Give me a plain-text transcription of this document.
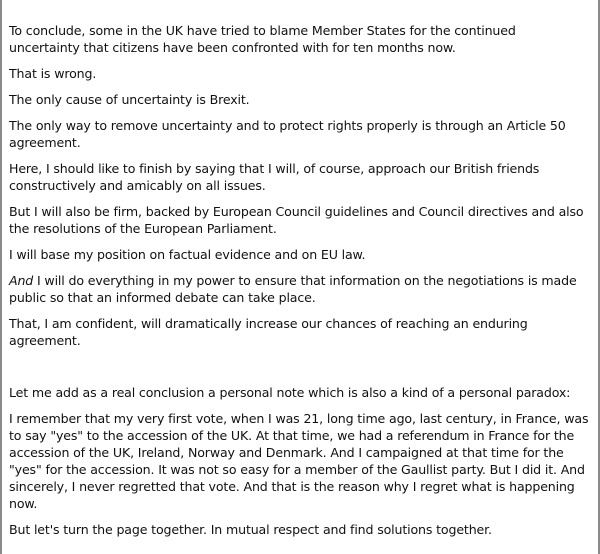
To conclude, some in the UK have tried to blame Member States for the continued uncertainty that citizens have been confronted with for ten months now.

That is wrong.

The only cause of uncertainty is Brexit.

The only way to remove uncertainty and to protect rights properly is through an Article 50 agreement.

Here, I should like to finish by saying that I will, of course, approach our British friends constructively and amicably on all issues.

But I will also be firm, backed by European Council guidelines and Council directives and also the resolutions of the European Parliament.

I will base my position on factual evidence and on EU law.

And I will do everything in my power to ensure that information on the negotiations is made public so that an informed debate can take place.

That, I am confident, will dramatically increase our chances of reaching an enduring agreement.

Let me add as a real conclusion a personal note which is also a kind of a personal paradox:

I remember that my very first vote, when I was 21, long time ago, last century, in France, was to say "yes" to the accession of the UK. At that time, we had a referendum in France for the accession of the UK, Ireland, Norway and Denmark. And I campaigned at that time for the "yes" for the accession. It was not so easy for a member of the Gaullist party. But I did it. And sincerely, I never regretted that vote. And that is the reason why I regret what is happening now.

But let's turn the page together. In mutual respect and find solutions together.
